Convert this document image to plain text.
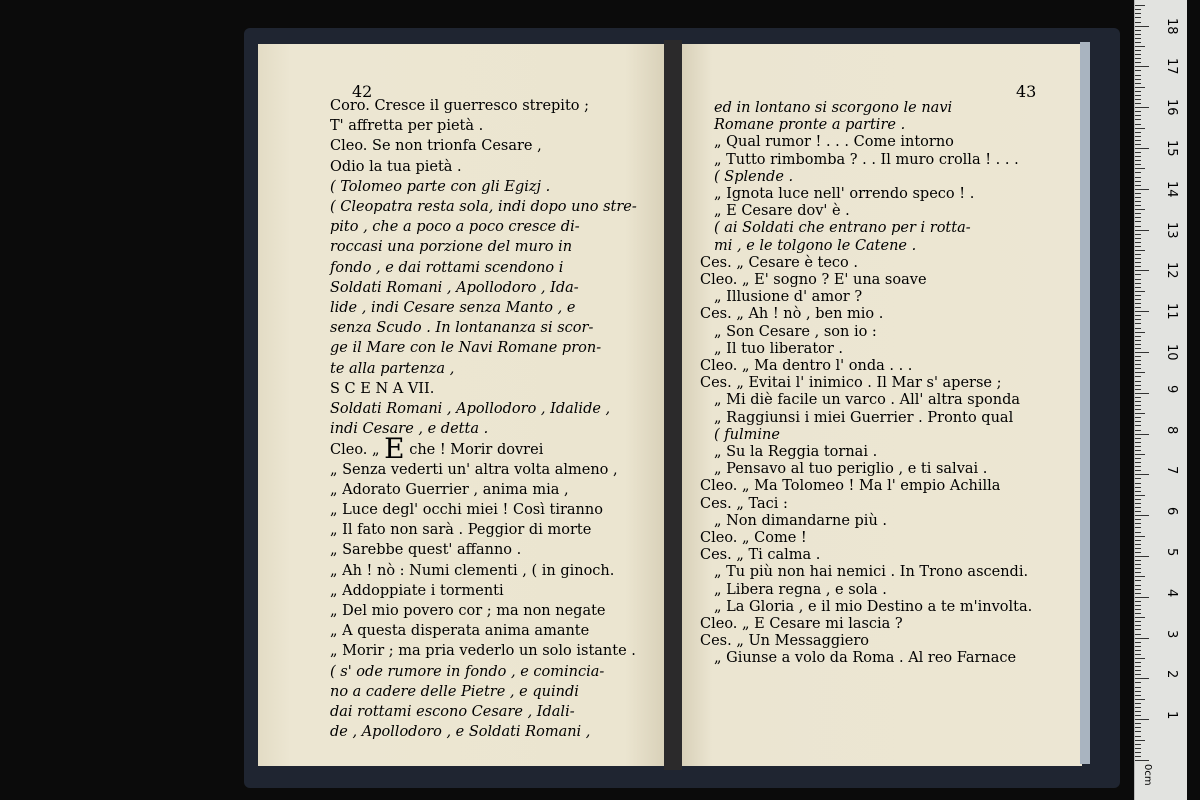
42	43
Coro. Cresce il guerresco strepito ;
T' affretta per pietà .
Cleo. Se non trionfa Cesare ,
Odio la tua pietà .
( Tolomeo parte con gli Egizj .
( Cleopatra resta sola, indi dopo uno stre-
pito , che a poco a poco cresce di-
roccasi una porzione del muro in
fondo , e dai rottami scendono i
Soldati Romani , Apollodoro , Ida-
lide , indi Cesare senza Manto , e
senza Scudo . In lontananza si scor-
ge il Mare con le Navi Romane pron-
te alla partenza ,
S C E N A VII.
Soldati Romani , Apollodoro , Idalide ,
indi Cesare , e detta .
Cleo. „ E che ! Morir dovrei
„ Senza vederti un' altra volta almeno ,
„ Adorato Guerrier , anima mia ,
„ Luce degl' occhi miei ! Così tiranno
„ Il fato non sarà . Peggior di morte
„ Sarebbe quest' affanno .
„ Ah ! nò : Numi clementi , ( in ginoch.
„ Addoppiate i tormenti
„ Del mio povero cor ; ma non negate
„ A questa disperata anima amante
„ Morir ; ma pria vederlo un solo istante .
( s' ode rumore in fondo , e comincia-
no a cadere delle Pietre , e quindi
dai rottami escono Cesare , Idali-
de , Apollodoro , e Soldati Romani ,
ed in lontano si scorgono le navi
Romane pronte a partire .
„ Qual rumor ! . . . Come intorno
„ Tutto rimbomba ? . . Il muro crolla ! . . .
( Splende .
„ Ignota luce nell' orrendo speco ! .
„ E Cesare dov' è .
( ai Soldati che entrano per i rotta-
mi , e le tolgono le Catene .
Ces. „ Cesare è teco .
Cleo. „ E' sogno ? E' una soave
„ Illusione d' amor ?
Ces. „ Ah ! nò , ben mio .
„ Son Cesare , son io :
„ Il tuo liberator .
Cleo. „ Ma dentro l' onda . . .
Ces. „ Evitai l' inimico . Il Mar s' aperse ;
„ Mi diè facile un varco . All' altra sponda
„ Raggiunsi i miei Guerrier . Pronto qual
( fulmine
„ Su la Reggia tornai .
„ Pensavo al tuo periglio , e ti salvai .
Cleo. „ Ma Tolomeo ! Ma l' empio Achilla
Ces. „ Taci :
„ Non dimandarne più .
Cleo. „ Come !
Ces. „ Ti calma .
„ Tu più non hai nemici . In Trono ascendi.
„ Libera regna , e sola .
„ La Gloria , e il mio Destino a te m'involta.
Cleo. „ E Cesare mi lascia ?
Ces. „ Un Messaggiero
„ Giunse a volo da Roma . Al reo Farnace
0cm
1
2
3
4
5
6
7
8
9
10
11
12
13
14
15
16
17
18
